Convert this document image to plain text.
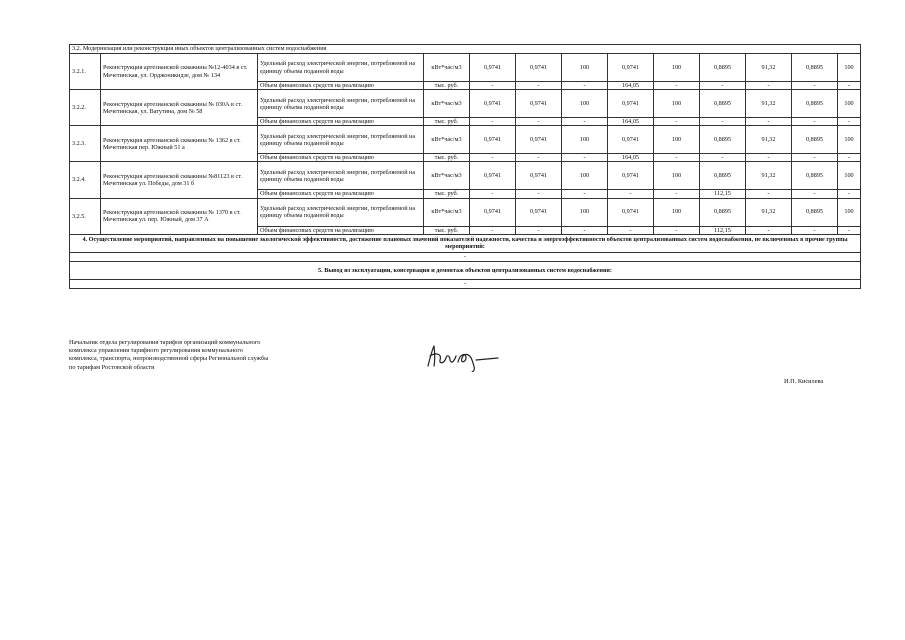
3.2. Модернизация или реконструкция иных объектов централизованных систем водоснабжения												
3.2.1.	Реконструкция артезианской скважины №12-4034 в ст. Мечетинская, ул. Орджоникидзе, дом № 134	Удельный расход электрической энергии, потребляемой на единицу объема поданной воды	кВт*час/м3	0,9741	0,9741	100	0,9741	100	0,8895	91,32	0,8895	100
		Объем финансовых средств на реализацию	тыс. руб.	-	-	-	164,05	-	-	-	-	-
3.2.2.	Реконструкция артезианской скважины № 030А в ст. Мечетинская, ул. Ватутина, дом № 58	Удельный расход электрической энергии, потребляемой на единицу объема поданной воды	кВт*час/м3	0,9741	0,9741	100	0,9741	100	0,8895	91,32	0,8895	100
		Объем финансовых средств на реализацию	тыс. руб.	-	-	-	164,05	-	-	-	-	-
3.2.3.	Реконструкция артезианской скважины № 1362 в ст. Мечетинская пер. Южный 51 а	Удельный расход электрической энергии, потребляемой на единицу объема поданной воды	кВт*час/м3	0,9741	0,9741	100	0,9741	100	0,8895	91,32	0,8895	100
		Объем финансовых средств на реализацию	тыс. руб.	-	-	-	164,05	-	-	-	-	-
3.2.4.	Реконструкция артезианской скважины №81123 в ст. Мечетинская ул. Победы, дом 31 б	Удельный расход электрической энергии, потребляемой на единицу объема поданной воды	кВт*час/м3	0,9741	0,9741	100	0,9741	100	0,8895	91,32	0,8895	100
		Объем финансовых средств на реализацию	тыс. руб.	-	-	-	-	-	112,15	-	-	-
3.2.5.	Реконструкция артезианской скважины № 1370 в ст. Мечетинская ул. пер. Южный, дом 37 А	Удельный расход электрической энергии, потребляемой на единицу объема поданной воды	кВт*час/м3	0,9741	0,9741	100	0,9741	100	0,8895	91,32	0,8895	100
		Объем финансовых средств на реализацию	тыс. руб.	-	-	-	-	-	112,15	-	-	-
4. Осуществление мероприятий, направленных на повышение экологической эффективности, достижение плановых значений показателей надежности, качества и энергоэффективности объектов централизованных систем водоснабжения, не включенных в прочие группы мероприятий:												
-												
5. Вывод из эксплуатации, консервация и демонтаж объектов централизованных систем водоснабжения:												
-												
Начальник отдела регулирования тарифов организаций коммунального комплекса управления тарифного регулирования коммунального комплекса, транспорта, непроизводственной сферы Региональной службы по тарифам Ростовской области
И.П. Кисилева
